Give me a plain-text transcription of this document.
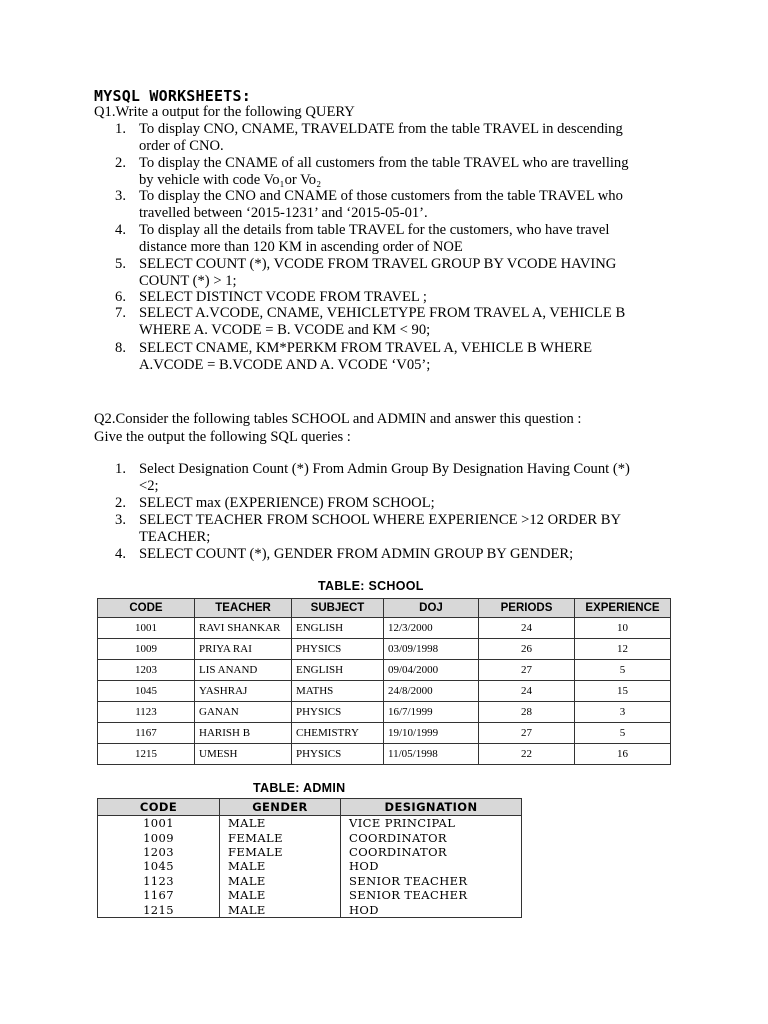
MYSQL WORKSHEETS:
Q1.Write a output for the following QUERY
1. To display CNO, CNAME, TRAVELDATE from the table TRAVEL in descending
order of CNO.
2. To display the CNAME of all customers from the table TRAVEL who are travelling
by vehicle with code Vo₁or Vo₂
3. To display the CNO and CNAME of those customers from the table TRAVEL who
travelled between ‘2015-1231’ and ‘2015-05-01’.
4. To display all the details from table TRAVEL for the customers, who have travel
distance more than 120 KM in ascending order of NOE
5. SELECT COUNT (*), VCODE FROM TRAVEL GROUP BY VCODE HAVING
COUNT (*) > 1;
6. SELECT DISTINCT VCODE FROM TRAVEL ;
7. SELECT A.VCODE, CNAME, VEHICLETYPE FROM TRAVEL A, VEHICLE B
WHERE A. VCODE = B. VCODE and KM < 90;
8. SELECT CNAME, KM*PERKM FROM TRAVEL A, VEHICLE B WHERE
A.VCODE = B.VCODE AND A. VCODE ‘V05’;
Q2.Consider the following tables SCHOOL and ADMIN and answer this question :
Give the output the following SQL queries :
1. Select Designation Count (*) From Admin Group By Designation Having Count (*)
<2;
2. SELECT max (EXPERIENCE) FROM SCHOOL;
3. SELECT TEACHER FROM SCHOOL WHERE EXPERIENCE >12 ORDER BY
TEACHER;
4. SELECT COUNT (*), GENDER FROM ADMIN GROUP BY GENDER;
TABLE: SCHOOL
CODE	TEACHER	SUBJECT	DOJ	PERIODS	EXPERIENCE
1001	RAVI SHANKAR	ENGLISH	12/3/2000	24	10
1009	PRIYA RAI	PHYSICS	03/09/1998	26	12
1203	LIS ANAND	ENGLISH	09/04/2000	27	5
1045	YASHRAJ	MATHS	24/8/2000	24	15
1123	GANAN	PHYSICS	16/7/1999	28	3
1167	HARISH B	CHEMISTRY	19/10/1999	27	5
1215	UMESH	PHYSICS	11/05/1998	22	16
TABLE: ADMIN
CODE	GENDER	DESIGNATION
1001	MALE	VICE PRINCIPAL
1009	FEMALE	COORDINATOR
1203	FEMALE	COORDINATOR
1045	MALE	HOD
1123	MALE	SENIOR TEACHER
1167	MALE	SENIOR TEACHER
1215	MALE	HOD
